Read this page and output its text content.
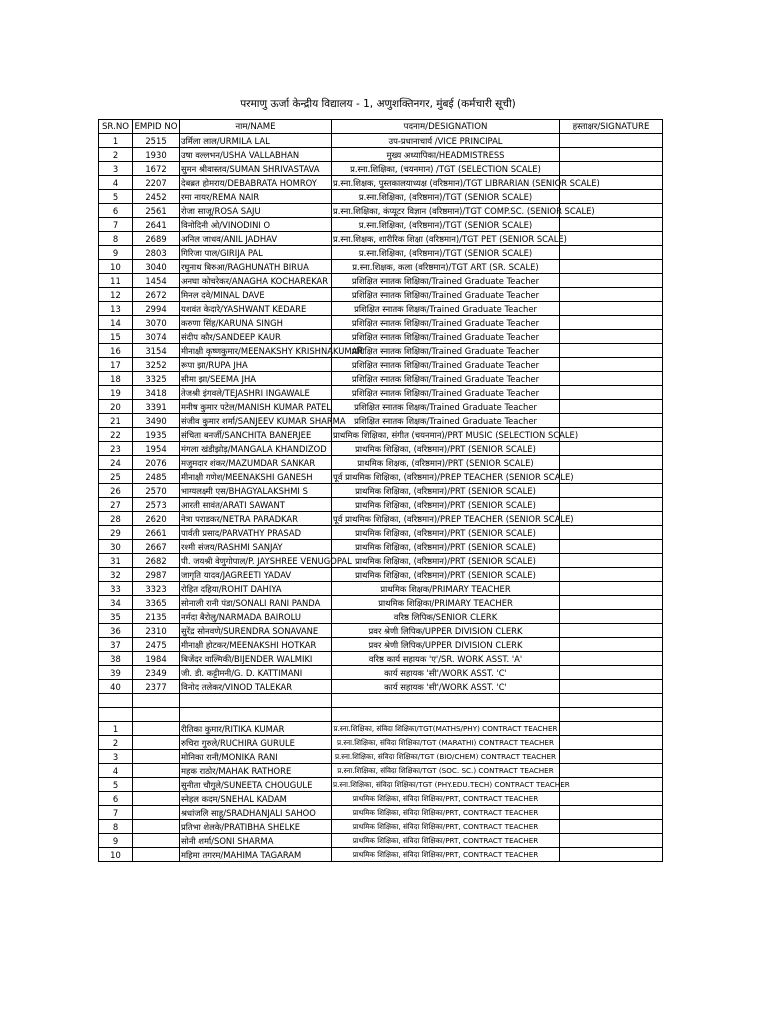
परमाणु ऊर्जा केन्द्रीय विद्यालय - 1, अणुशक्तिनगर, मुंबई (कर्मचारी सूची)
SR.NO	EMPID NO	नाम/NAME	पदनाम/DESIGNATION	हस्ताक्षर/SIGNATURE
1	2515	उर्मिला लाल/URMILA LAL	उप-प्रधानाचार्य /VICE PRINCIPAL	
2	1930	उषा वल्लभन/USHA VALLABHAN	मुख्य अध्यापिका/HEADMISTRESS	
3	1672	सुमन श्रीवास्तव/SUMAN SHRIVASTAVA	प्र.स्ना.शिक्षिका, (चयनमान) /TGT (SELECTION SCALE)	
4	2207	देबब्रत होमराय/DEBABRATA HOMROY	प्र.स्ना.शिक्षक, पुस्तकालयाध्यक्ष (वरिष्ठमान)/TGT LIBRARIAN (SENIOR SCALE)	
5	2452	रमा नायर/REMA NAIR	प्र.स्ना.शिक्षिका, (वरिष्ठमान)/TGT (SENIOR SCALE)	
6	2561	रोजा साजू/ROSA SAJU	प्र.स्ना.शिक्षिका, कंप्यूटर विज्ञान (वरिष्ठमान)/TGT COMP.SC. (SENIOR SCALE)	
7	2641	विनोदिनी ओ/VINODINI O	प्र.स्ना.शिक्षिका, (वरिष्ठमान)/TGT (SENIOR SCALE)	
8	2689	अनिल जाधव/ANIL JADHAV	प्र.स्ना.शिक्षक, शारीरिक शिक्षा (वरिष्ठमान)/TGT PET (SENIOR SCALE)	
9	2803	गिरिजा पाल/GIRIJA PAL	प्र.स्ना.शिक्षिका, (वरिष्ठमान)/TGT (SENIOR SCALE)	
10	3040	रघुनाथ बिरुआ/RAGHUNATH BIRUA	प्र.स्ना.शिक्षक, कला (वरिष्ठमान)/TGT ART (SR. SCALE)	
11	1454	अनघा कोचरेकर/ANAGHA KOCHAREKAR	प्रशिक्षित स्नातक शिक्षिका/Trained Graduate Teacher	
12	2672	मिनल दवे/MINAL DAVE	प्रशिक्षित स्नातक शिक्षिका/Trained Graduate Teacher	
13	2994	यशवंत केदारे/YASHWANT KEDARE	प्रशिक्षित स्नातक शिक्षक/Trained Graduate Teacher	
14	3070	करुणा सिंह/KARUNA SINGH	प्रशिक्षित स्नातक शिक्षिका/Trained Graduate Teacher	
15	3074	संदीप कौर/SANDEEP KAUR	प्रशिक्षित स्नातक शिक्षिका/Trained Graduate Teacher	
16	3154	मीनाक्षी कृष्णकुमार/MEENAKSHY KRISHNAKUMAR	प्रशिक्षित स्नातक शिक्षिका/Trained Graduate Teacher	
17	3252	रूपा झा/RUPA JHA	प्रशिक्षित स्नातक शिक्षिका/Trained Graduate Teacher	
18	3325	सीमा झा/SEEMA JHA	प्रशिक्षित स्नातक शिक्षिका/Trained Graduate Teacher	
19	3418	तेजश्री इंगवले/TEJASHRI INGAWALE	प्रशिक्षित स्नातक शिक्षिका/Trained Graduate Teacher	
20	3391	मनीष कुमार पटेल/MANISH KUMAR PATEL	प्रशिक्षित स्नातक शिक्षक/Trained Graduate Teacher	
21	3490	संजीव कुमार शर्मा/SANJEEV KUMAR SHARMA	प्रशिक्षित स्नातक शिक्षक/Trained Graduate Teacher	
22	1935	संचिता बनर्जी/SANCHITA BANERJEE	प्राथमिक शिक्षिका, संगीत (चयनमान)/PRT MUSIC (SELECTION SCALE)	
23	1954	मंगला खंडीझोड़/MANGALA KHANDIZOD	प्राथमिक शिक्षिका, (वरिष्ठमान)/PRT (SENIOR SCALE)	
24	2076	मजुमदार शंकर/MAZUMDAR SANKAR	प्राथमिक शिक्षक, (वरिष्ठमान)/PRT (SENIOR SCALE)	
25	2485	मीनाक्षी गणेश/MEENAKSHI GANESH	पूर्व प्राथमिक शिक्षिका, (वरिष्ठमान)/PREP TEACHER (SENIOR SCALE)	
26	2570	भाग्यलक्ष्मी एस/BHAGYALAKSHMI S	प्राथमिक शिक्षिका, (वरिष्ठमान)/PRT (SENIOR SCALE)	
27	2573	आरती सावंत/ARATI SAWANT	प्राथमिक शिक्षिका, (वरिष्ठमान)/PRT (SENIOR SCALE)	
28	2620	नेत्रा पराडकर/NETRA PARADKAR	पूर्व प्राथमिक शिक्षिका, (वरिष्ठमान)/PREP TEACHER (SENIOR SCALE)	
29	2661	पार्वती प्रसाद/PARVATHY PRASAD	प्राथमिक शिक्षिका, (वरिष्ठमान)/PRT (SENIOR SCALE)	
30	2667	रश्मी संजय/RASHMI SANJAY	प्राथमिक शिक्षिका, (वरिष्ठमान)/PRT (SENIOR SCALE)	
31	2682	पी. जयश्री वेणुगोपाल/P. JAYSHREE VENUGOPAL	प्राथमिक शिक्षिका, (वरिष्ठमान)/PRT (SENIOR SCALE)	
32	2987	जागृति यादव/JAGREETI YADAV	प्राथमिक शिक्षिका, (वरिष्ठमान)/PRT (SENIOR SCALE)	
33	3323	रोहित दहिया/ROHIT DAHIYA	प्राथमिक शिक्षक/PRIMARY TEACHER	
34	3365	सोनाली रानी पंडा/SONALI RANI PANDA	प्राथमिक शिक्षिका/PRIMARY TEACHER	
35	2135	नर्मदा बैरोलु/NARMADA BAIROLU	वरिष्ठ लिपिक/SENIOR CLERK	
36	2310	सुरेंद्र सोनवणे/SURENDRA SONAVANE	प्रवर श्रेणी लिपिक/UPPER DIVISION CLERK	
37	2475	मीनाक्षी होटकर/MEENAKSHI HOTKAR	प्रवर श्रेणी लिपिक/UPPER DIVISION CLERK	
38	1984	बिजेंदर वाल्मिकी/BIJENDER WALMIKI	वरिष्ठ कार्य सहायक 'ए'/SR. WORK ASST. 'A'	
39	2349	जी. डी. कट्टीमनी/G. D. KATTIMANI	कार्य सहायक 'सी'/WORK ASST. 'C'	
40	2377	विनोद तलेकर/VINOD TALEKAR	कार्य सहायक 'सी'/WORK ASST. 'C'	

1		रीतिका कुमार/RITIKA KUMAR	प्र.स्ना.शिक्षिका, संविदा शिक्षिका/TGT(MATHS/PHY) CONTRACT TEACHER	
2		रुचिरा गुरुले/RUCHIRA GURULE	प्र.स्ना.शिक्षिका, संविदा शिक्षिका/TGT (MARATHI) CONTRACT TEACHER	
3		मोनिका रानी/MONIKA RANI	प्र.स्ना.शिक्षिका, संविदा शिक्षिका/TGT (BIO/CHEM) CONTRACT TEACHER	
4		महक राठोर/MAHAK RATHORE	प्र.स्ना.शिक्षिका, संविदा शिक्षिका/TGT (SOC. SC.) CONTRACT TEACHER	
5		सुनीता चौगुले/SUNEETA CHOUGULE	प्र.स्ना.शिक्षिका, संविदा शिक्षिका/TGT (PHY.EDU.TECH) CONTRACT TEACHER	
6		स्नेहल कदम/SNEHAL KADAM	प्राथमिक शिक्षिका, संविदा शिक्षिका/PRT, CONTRACT TEACHER	
7		श्रधांजलि साहू/SRADHANJALI SAHOO	प्राथमिक शिक्षिका, संविदा शिक्षिका/PRT, CONTRACT TEACHER	
8		प्रतिभा शेलके/PRATIBHA SHELKE	प्राथमिक शिक्षिका, संविदा शिक्षिका/PRT, CONTRACT TEACHER	
9		सोनी शर्मा/SONI SHARMA	प्राथमिक शिक्षिका, संविदा शिक्षिका/PRT, CONTRACT TEACHER	
10		महिमा तगरम/MAHIMA TAGARAM	प्राथमिक शिक्षिका, संविदा शिक्षिका/PRT, CONTRACT TEACHER	
